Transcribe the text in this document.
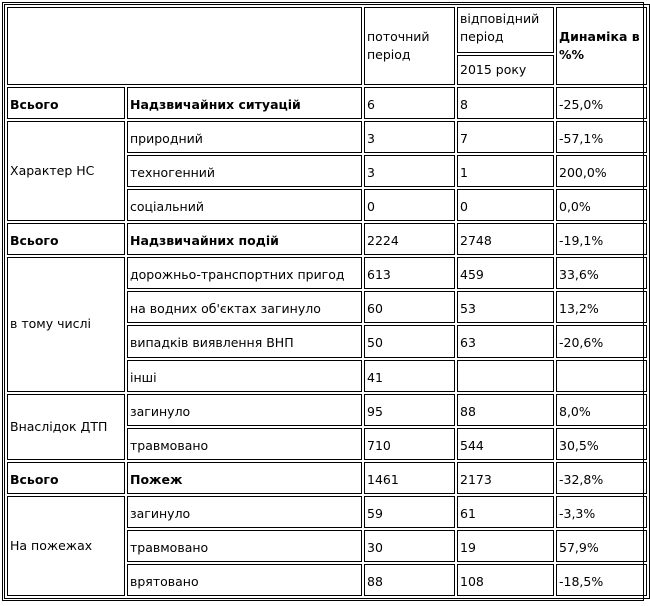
		поточний період	відповідний період	Динаміка в %%
			2015 року	
Всього	Надзвичайних ситуацій	6	8	-25,0%
Характер НС	природний	3	7	-57,1%
	техногенний	3	1	200,0%
	соціальний	0	0	0,0%
Всього	Надзвичайних подій	2224	2748	-19,1%
в тому числі	дорожньо-транспортних пригод	613	459	33,6%
	на водних об'єктах загинуло	60	53	13,2%
	випадків виявлення ВНП	50	63	-20,6%
	інші	41		
Внаслідок ДТП	загинуло	95	88	8,0%
	травмовано	710	544	30,5%
Всього	Пожеж	1461	2173	-32,8%
На пожежах	загинуло	59	61	-3,3%
	травмовано	30	19	57,9%
	врятовано	88	108	-18,5%
